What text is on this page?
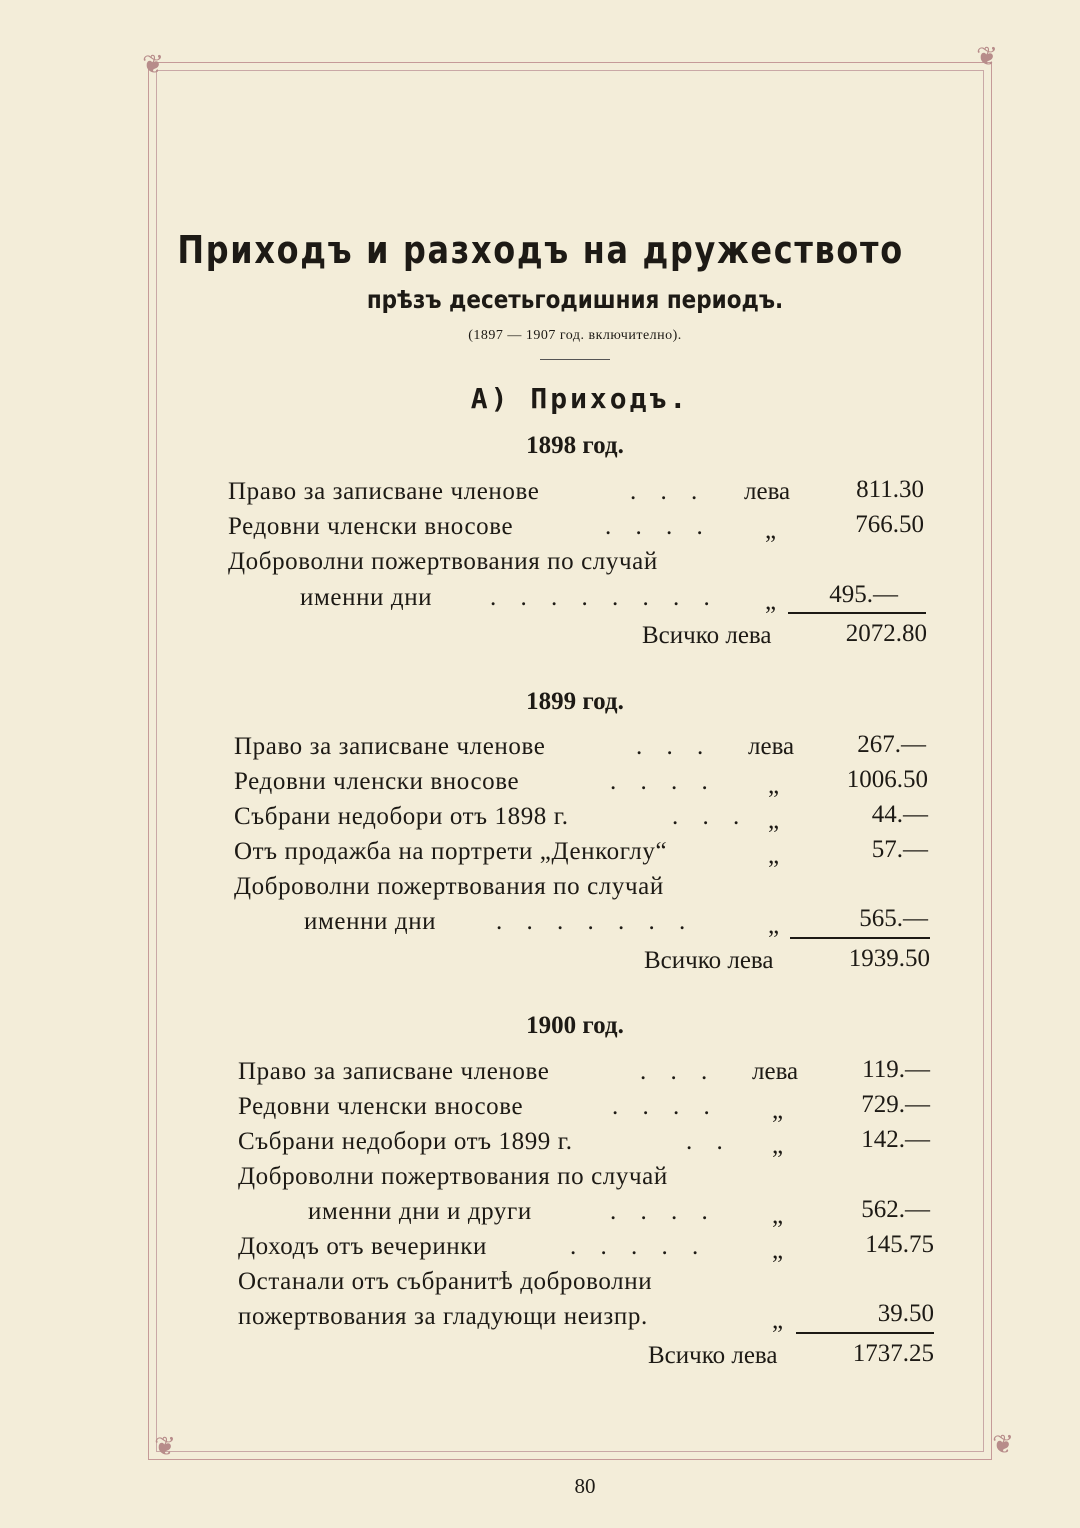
❦	❦
❦	❦
Приходъ и разходъ на дружеството
прѣзъ десетьгодишния периодъ.
(1897 — 1907 год. включително).
А) Приходъ.
1898 год.
Право за записване членове	. . . лева	811.30
Редовни членски вносове	. . . . „	766.50
Доброволни пожертвования по случай
именни дни . . . . . . . . „ 495.—
Всичко лева	2072.80
1899 год.
Право за записване членове	. . . лева	267.—
Редовни членски вносове	. . . . „	1006.50
Събрани недобори отъ 1898 г.	. . . „	44.—
Отъ продажба на портрети „Денкоглу“	„	57.—
Доброволни пожертвования по случай
именни дни . . . . . . .	„	565.—
Всичко лева	1939.50
1900 год.
Право за записване членове	. . . лева	119.—
Редовни членски вносове	. . . . „	729.—
Събрани недобори отъ 1899 г.	. . „	142.—
Доброволни пожертвования по случай
именни дни и други	. . . . „	562.—
Доходъ отъ вечеринки	. . . . .	„	145.75
Останали отъ събранитѣ доброволни
пожертвования за гладующи неизпр.	„	39.50
Всичко лева	1737.25
80
